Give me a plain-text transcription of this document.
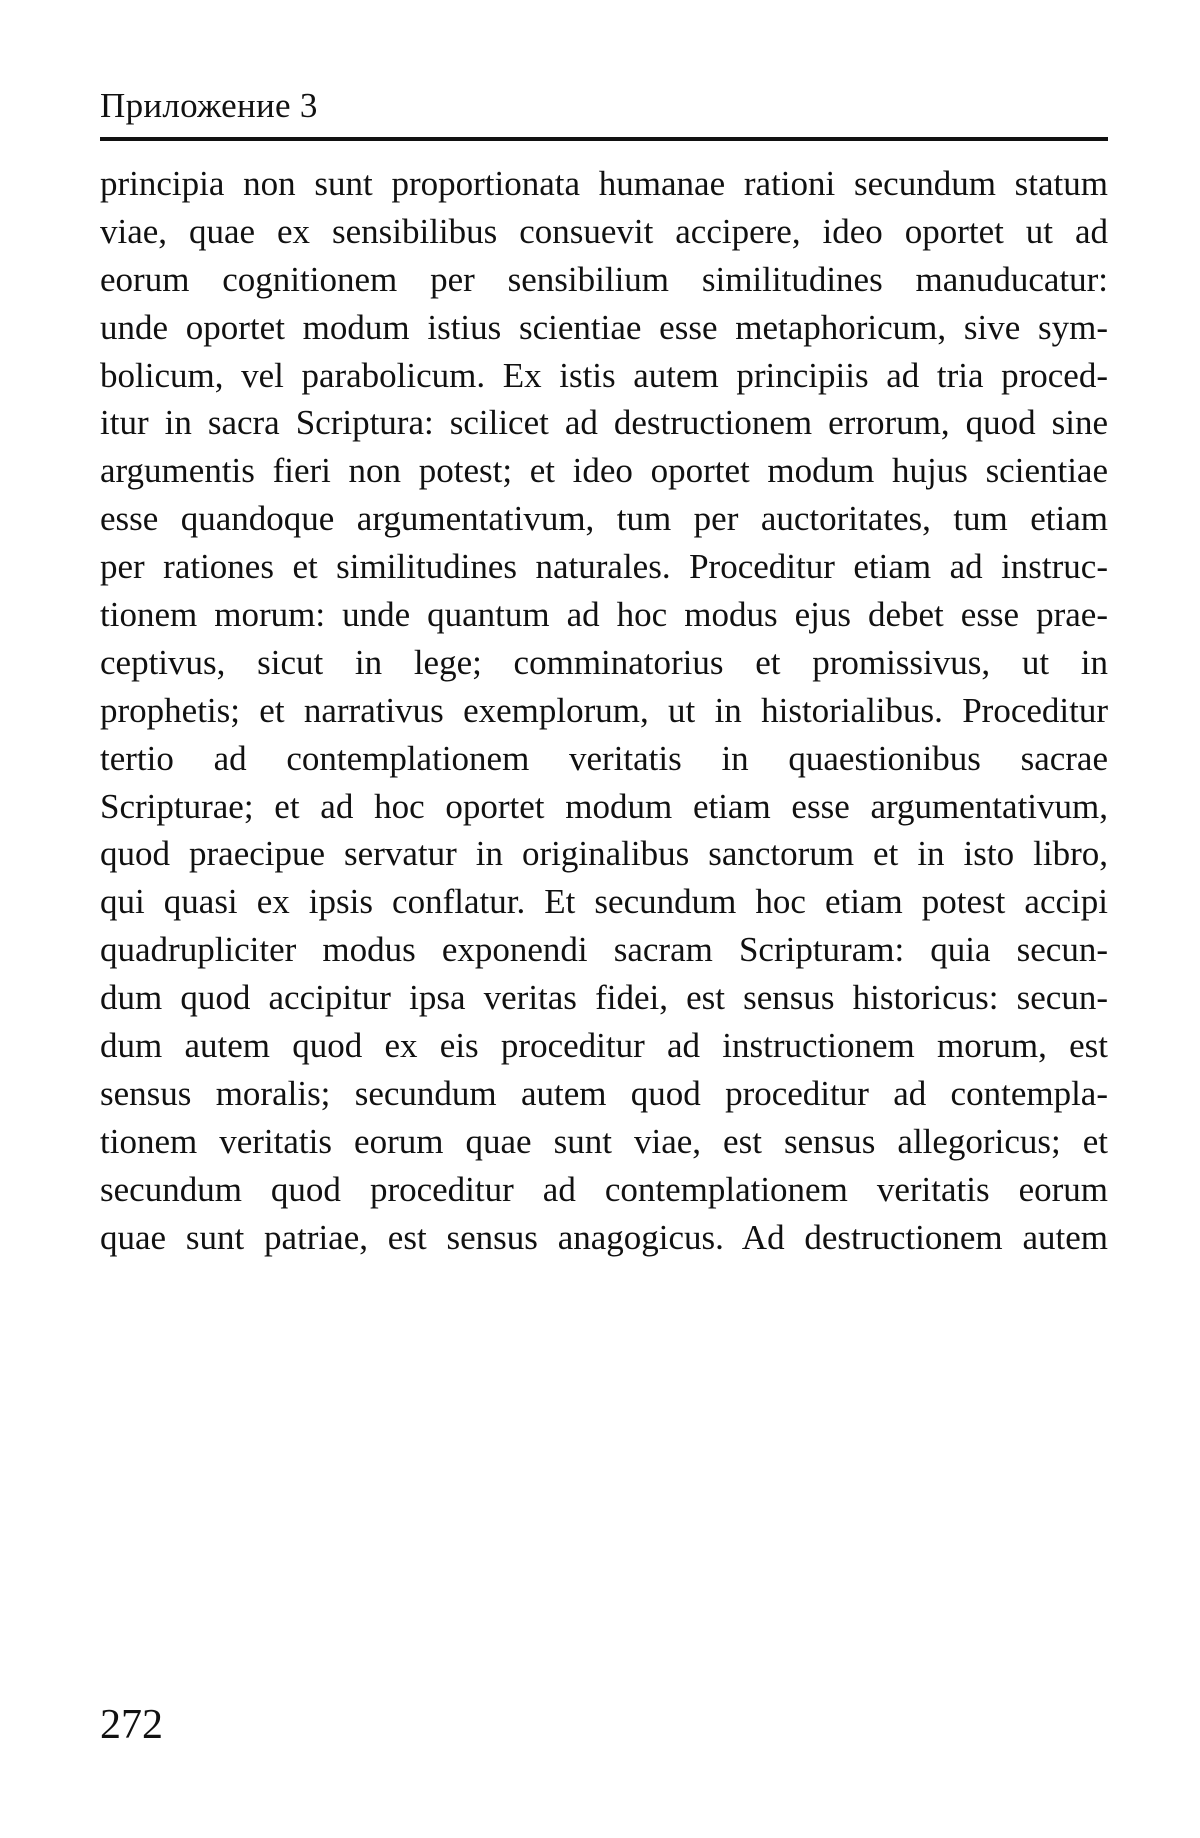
Приложение 3
principia non sunt proportionata humanae rationi secundum statum
viae, quae ex sensibilibus consuevit accipere, ideo oportet ut ad
eorum cognitionem per sensibilium similitudines manuducatur:
unde oportet modum istius scientiae esse metaphoricum, sive sym-
bolicum, vel parabolicum. Ex istis autem principiis ad tria proced-
itur in sacra Scriptura: scilicet ad destructionem errorum, quod sine
argumentis fieri non potest; et ideo oportet modum hujus scientiae
esse quandoque argumentativum, tum per auctoritates, tum etiam
per rationes et similitudines naturales. Proceditur etiam ad instruc-
tionem morum: unde quantum ad hoc modus ejus debet esse prae-
ceptivus, sicut in lege; comminatorius et promissivus, ut in
prophetis; et narrativus exemplorum, ut in historialibus. Proceditur
tertio ad contemplationem veritatis in quaestionibus sacrae
Scripturae; et ad hoc oportet modum etiam esse argumentativum,
quod praecipue servatur in originalibus sanctorum et in isto libro,
qui quasi ex ipsis conflatur. Et secundum hoc etiam potest accipi
quadrupliciter modus exponendi sacram Scripturam: quia secun-
dum quod accipitur ipsa veritas fidei, est sensus historicus: secun-
dum autem quod ex eis proceditur ad instructionem morum, est
sensus moralis; secundum autem quod proceditur ad contempla-
tionem veritatis eorum quae sunt viae, est sensus allegoricus; et
secundum quod proceditur ad contemplationem veritatis eorum
quae sunt patriae, est sensus anagogicus. Ad destructionem autem
272
